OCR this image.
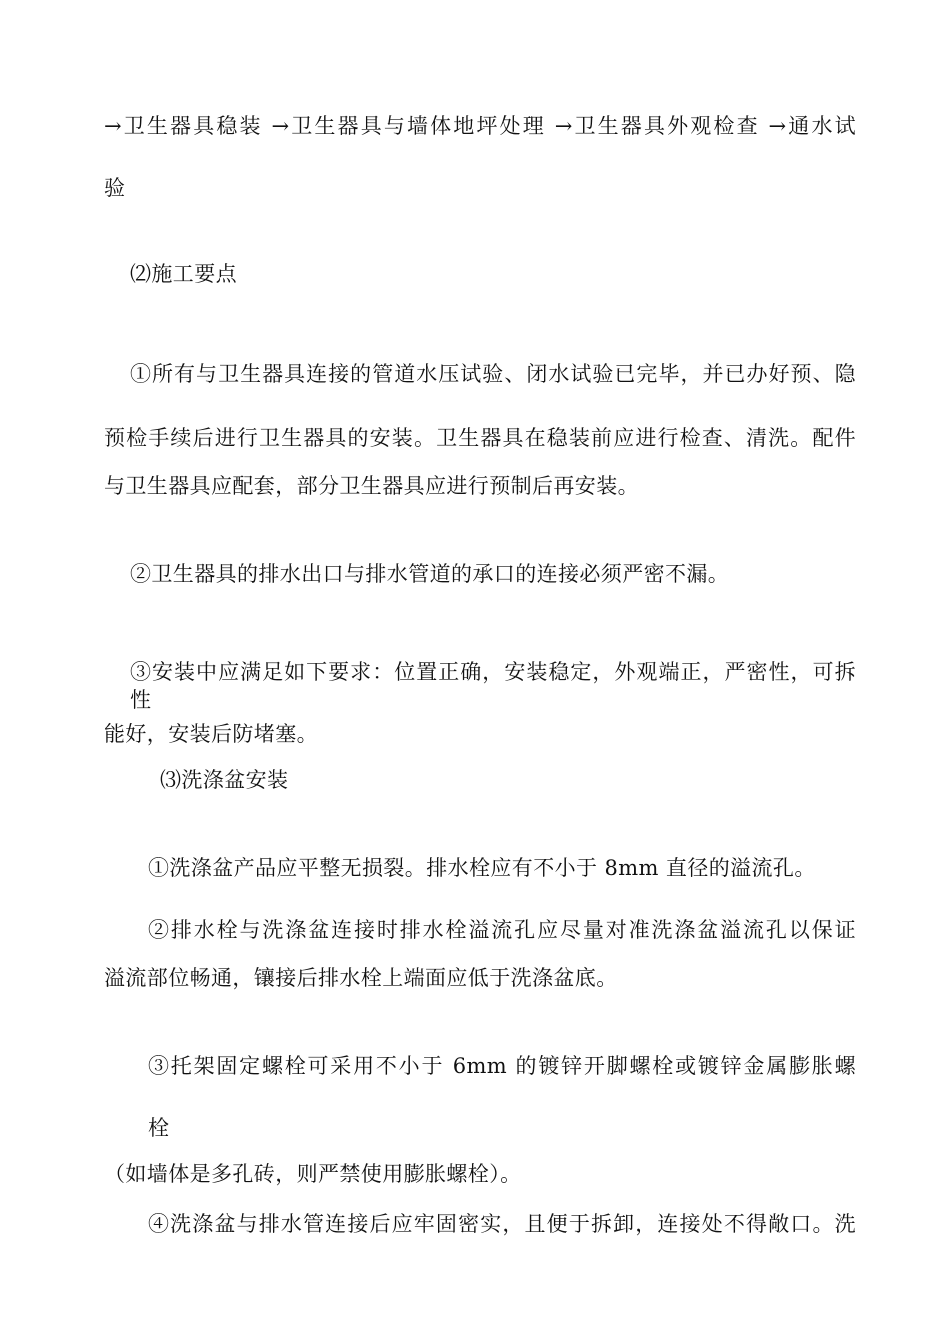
→卫生器具稳装 →卫生器具与墙体地坪处理 →卫生器具外观检查 →通水试
验
⑵施工要点
①所有与卫生器具连接的管道水压试验、闭水试验已完毕，并已办好预、隐
预检手续后进行卫生器具的安装。卫生器具在稳装前应进行检查、清洗。配件
与卫生器具应配套，部分卫生器具应进行预制后再安装。
②卫生器具的排水出口与排水管道的承口的连接必须严密不漏。
③安装中应满足如下要求：位置正确，安装稳定，外观端正，严密性，可拆性
能好，安装后防堵塞。
⑶洗涤盆安装
①洗涤盆产品应平整无损裂。排水栓应有不小于 8mm 直径的溢流孔。
②排水栓与洗涤盆连接时排水栓溢流孔应尽量对准洗涤盆溢流孔以保证
溢流部位畅通，镶接后排水栓上端面应低于洗涤盆底。
③托架固定螺栓可采用不小于 6mm 的镀锌开脚螺栓或镀锌金属膨胀螺
栓
（如墙体是多孔砖，则严禁使用膨胀螺栓）。
④洗涤盆与排水管连接后应牢固密实，且便于拆卸，连接处不得敞口。洗
